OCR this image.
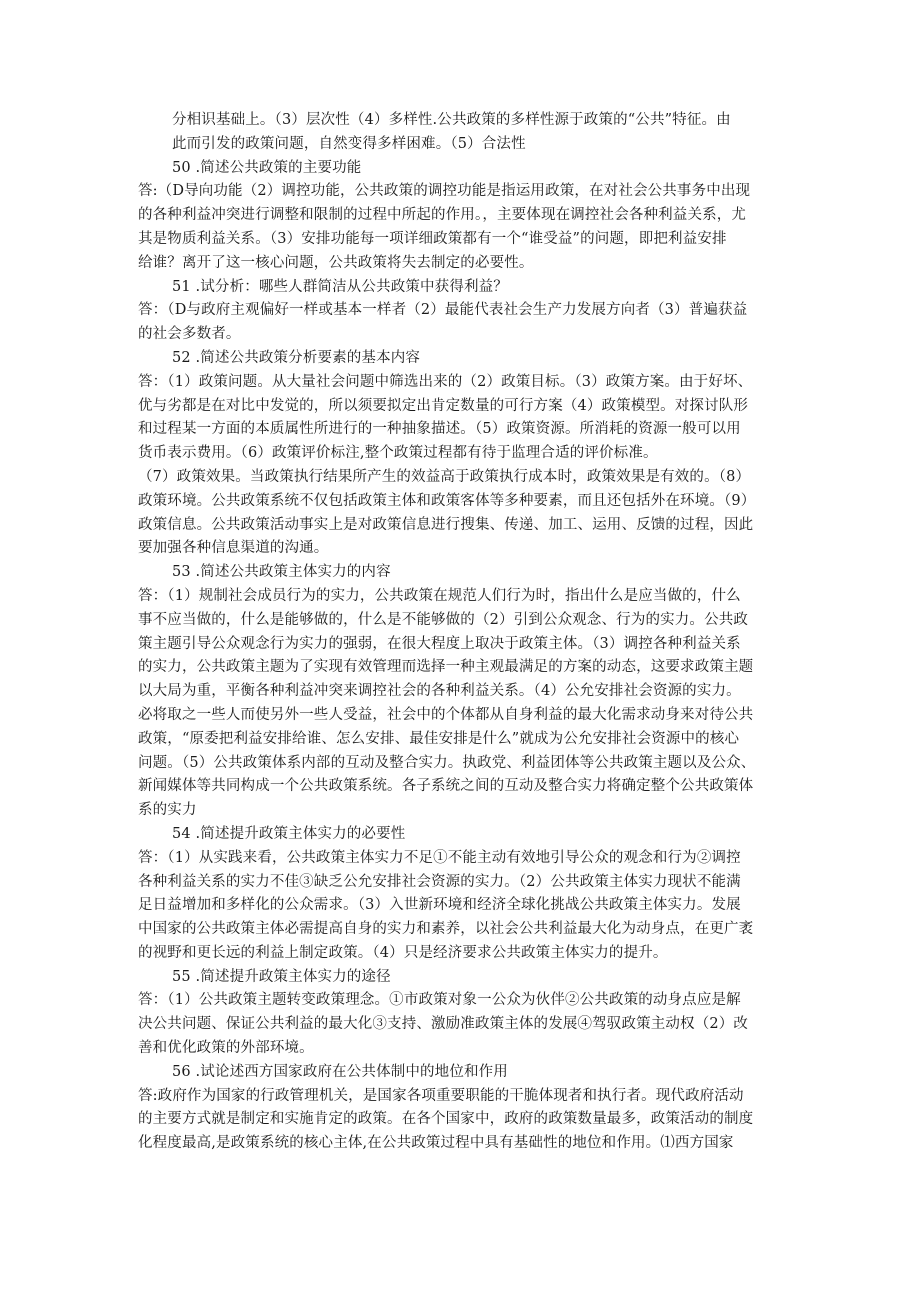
分相识基础上。（3）层次性（4）多样性.公共政策的多样性源于政策的“公共”特征。由
此而引发的政策问题，自然变得多样困难。（5）合法性
50 .简述公共政策的主要功能
答:（D导向功能（2）调控功能，公共政策的调控功能是指运用政策，在对社会公共事务中出现
的各种利益冲突进行调整和限制的过程中所起的作用。，主要体现在调控社会各种利益关系，尤
其是物质利益关系。（3）安排功能每一项详细政策都有一个“谁受益”的问题，即把利益安排
给谁？离开了这一核心问题，公共政策将失去制定的必要性。
51 .试分析：哪些人群简洁从公共政策中获得利益？
答：（D与政府主观偏好一样或基本一样者（2）最能代表社会生产力发展方向者（3）普遍获益
的社会多数者。
52 .简述公共政策分析要素的基本内容
答：（1）政策问题。从大量社会问题中筛选出来的（2）政策目标。（3）政策方案。由于好坏、
优与劣都是在对比中发觉的，所以须要拟定出肯定数量的可行方案（4）政策模型。对探讨队形
和过程某一方面的本质属性所进行的一种抽象描述。（5）政策资源。所消耗的资源一般可以用
货币表示费用。（6）政策评价标注,整个政策过程都有待于监理合适的评价标准。
（7）政策效果。当政策执行结果所产生的效益高于政策执行成本时，政策效果是有效的。（8）
政策环境。公共政策系统不仅包括政策主体和政策客体等多种要素，而且还包括外在环境。（9）
政策信息。公共政策活动事实上是对政策信息进行搜集、传递、加工、运用、反馈的过程，因此
要加强各种信息渠道的沟通。
53 .简述公共政策主体实力的内容
答：（1）规制社会成员行为的实力，公共政策在规范人们行为时，指出什么是应当做的，什么
事不应当做的，什么是能够做的，什么是不能够做的（2）引到公众观念、行为的实力。公共政
策主题引导公众观念行为实力的强弱，在很大程度上取决于政策主体。（3）调控各种利益关系
的实力，公共政策主题为了实现有效管理而选择一种主观最满足的方案的动态，这要求政策主题
以大局为重，平衡各种利益冲突来调控社会的各种利益关系。（4）公允安排社会资源的实力。
必将取之一些人而使另外一些人受益，社会中的个体都从自身利益的最大化需求动身来对待公共
政策，“原委把利益安排给谁、怎么安排、最佳安排是什么”就成为公允安排社会资源中的核心
问题。（5）公共政策体系内部的互动及整合实力。执政党、利益团体等公共政策主题以及公众、
新闻媒体等共同构成一个公共政策系统。各子系统之间的互动及整合实力将确定整个公共政策体
系的实力
54 .简述提升政策主体实力的必要性
答：（1）从实践来看，公共政策主体实力不足①不能主动有效地引导公众的观念和行为②调控
各种利益关系的实力不佳③缺乏公允安排社会资源的实力。（2）公共政策主体实力现状不能满
足日益增加和多样化的公众需求。（3）入世新环境和经济全球化挑战公共政策主体实力。发展
中国家的公共政策主体必需提高自身的实力和素养，以社会公共利益最大化为动身点，在更广袤
的视野和更长远的利益上制定政策。（4）只是经济要求公共政策主体实力的提升。
55 .简述提升政策主体实力的途径
答：（1）公共政策主题转变政策理念。①市政策对象一公众为伙伴②公共政策的动身点应是解
决公共问题、保证公共利益的最大化③支持、激励准政策主体的发展④驾驭政策主动权（2）改
善和优化政策的外部环境。
56 .试论述西方国家政府在公共体制中的地位和作用
答:政府作为国家的行政管理机关，是国家各项重要职能的干脆体现者和执行者。现代政府活动
的主要方式就是制定和实施肯定的政策。在各个国家中，政府的政策数量最多，政策活动的制度
化程度最高,是政策系统的核心主体,在公共政策过程中具有基础性的地位和作用。⑴西方国家
